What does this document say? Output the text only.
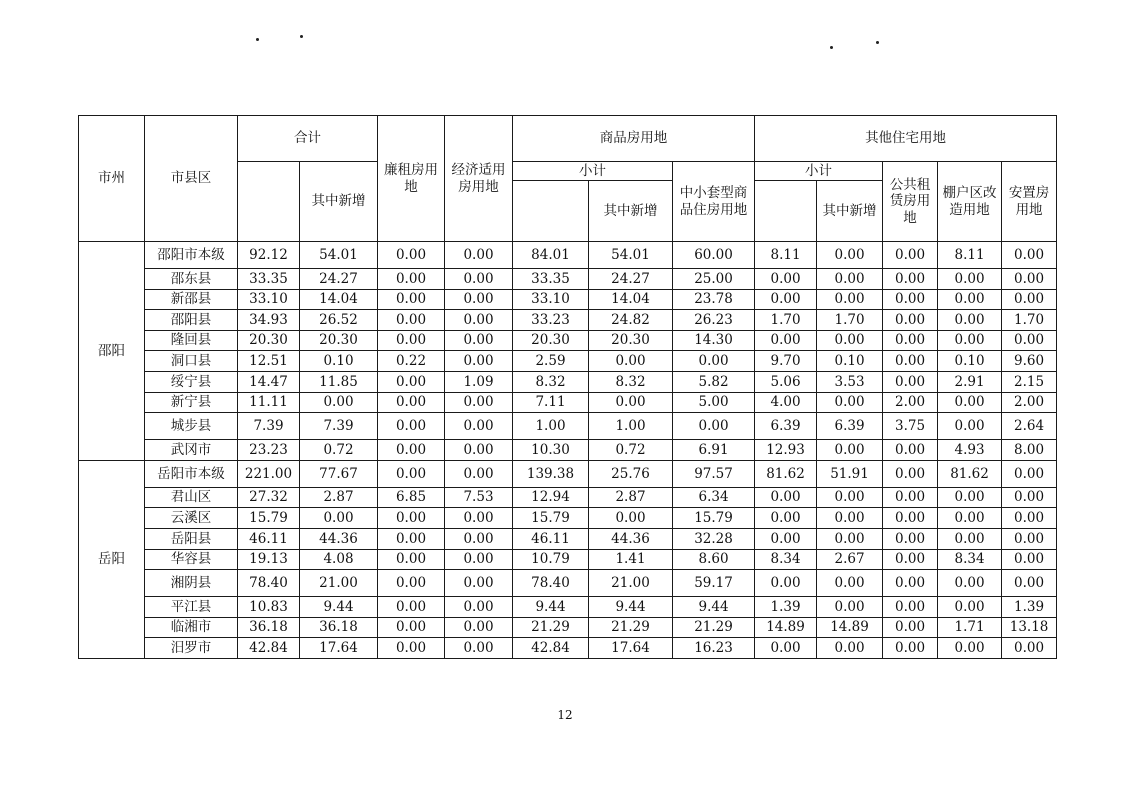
市州	市县区	合计		廉租房用地	经济适用房用地	商品房用地			其他住宅用地				
			其中新增			小计		中小套型商品住房用地	小计		公共租赁房用地	棚户区改造用地	安置房用地
							其中新增			其中新增			
邵阳	邵阳市本级	92.12	54.01	0.00	0.00	84.01	54.01	60.00	8.11	0.00	0.00	8.11	0.00
	邵东县	33.35	24.27	0.00	0.00	33.35	24.27	25.00	0.00	0.00	0.00	0.00	0.00
	新邵县	33.10	14.04	0.00	0.00	33.10	14.04	23.78	0.00	0.00	0.00	0.00	0.00
	邵阳县	34.93	26.52	0.00	0.00	33.23	24.82	26.23	1.70	1.70	0.00	0.00	1.70
	隆回县	20.30	20.30	0.00	0.00	20.30	20.30	14.30	0.00	0.00	0.00	0.00	0.00
	洞口县	12.51	0.10	0.22	0.00	2.59	0.00	0.00	9.70	0.10	0.00	0.10	9.60
	绥宁县	14.47	11.85	0.00	1.09	8.32	8.32	5.82	5.06	3.53	0.00	2.91	2.15
	新宁县	11.11	0.00	0.00	0.00	7.11	0.00	5.00	4.00	0.00	2.00	0.00	2.00
	城步县	7.39	7.39	0.00	0.00	1.00	1.00	0.00	6.39	6.39	3.75	0.00	2.64
	武冈市	23.23	0.72	0.00	0.00	10.30	0.72	6.91	12.93	0.00	0.00	4.93	8.00
岳阳	岳阳市本级	221.00	77.67	0.00	0.00	139.38	25.76	97.57	81.62	51.91	0.00	81.62	0.00
	君山区	27.32	2.87	6.85	7.53	12.94	2.87	6.34	0.00	0.00	0.00	0.00	0.00
	云溪区	15.79	0.00	0.00	0.00	15.79	0.00	15.79	0.00	0.00	0.00	0.00	0.00
	岳阳县	46.11	44.36	0.00	0.00	46.11	44.36	32.28	0.00	0.00	0.00	0.00	0.00
	华容县	19.13	4.08	0.00	0.00	10.79	1.41	8.60	8.34	2.67	0.00	8.34	0.00
	湘阴县	78.40	21.00	0.00	0.00	78.40	21.00	59.17	0.00	0.00	0.00	0.00	0.00
	平江县	10.83	9.44	0.00	0.00	9.44	9.44	9.44	1.39	0.00	0.00	0.00	1.39
	临湘市	36.18	36.18	0.00	0.00	21.29	21.29	21.29	14.89	14.89	0.00	1.71	13.18
	汨罗市	42.84	17.64	0.00	0.00	42.84	17.64	16.23	0.00	0.00	0.00	0.00	0.00
12
